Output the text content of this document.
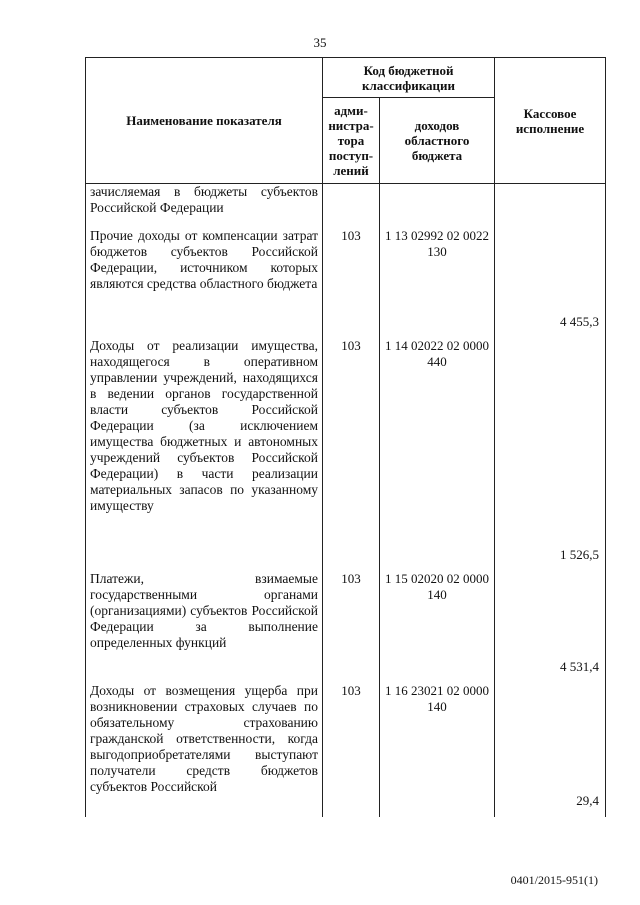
35
Наименование показателя	Код бюджетной классификации		Кассовое исполнение
	адми-нистра-тора поступ-лений	доходов областного бюджета	

зачисляемая в бюджеты субъектов Российской Федерации			

Прочие доходы от компенсации затрат бюджетов субъектов Российской Федерации, источником которых являются средства областного бюджета	103	1 13 02992 02 0022 130	4 455,3

Доходы от реализации имущества, находящегося в оперативном управлении учреждений, находящихся в ведении органов государственной власти субъектов Российской Федерации (за исключением имущества бюджетных и автономных учреждений субъектов Российской Федерации) в части реализации материальных запасов по указанному имуществу	103	1 14 02022 02 0000 440	1 526,5

Платежи, взимаемые государственными органами (организациями) субъектов Российской Федерации за выполнение определенных функций	103	1 15 02020 02 0000 140	4 531,4

Доходы от возмещения ущерба при возникновении страховых случаев по обязательному страхованию гражданской ответственности, когда выгодоприобретателями выступают получатели средств бюджетов субъектов Российской	103	1 16 23021 02 0000 140	29,4
0401/2015-951(1)
